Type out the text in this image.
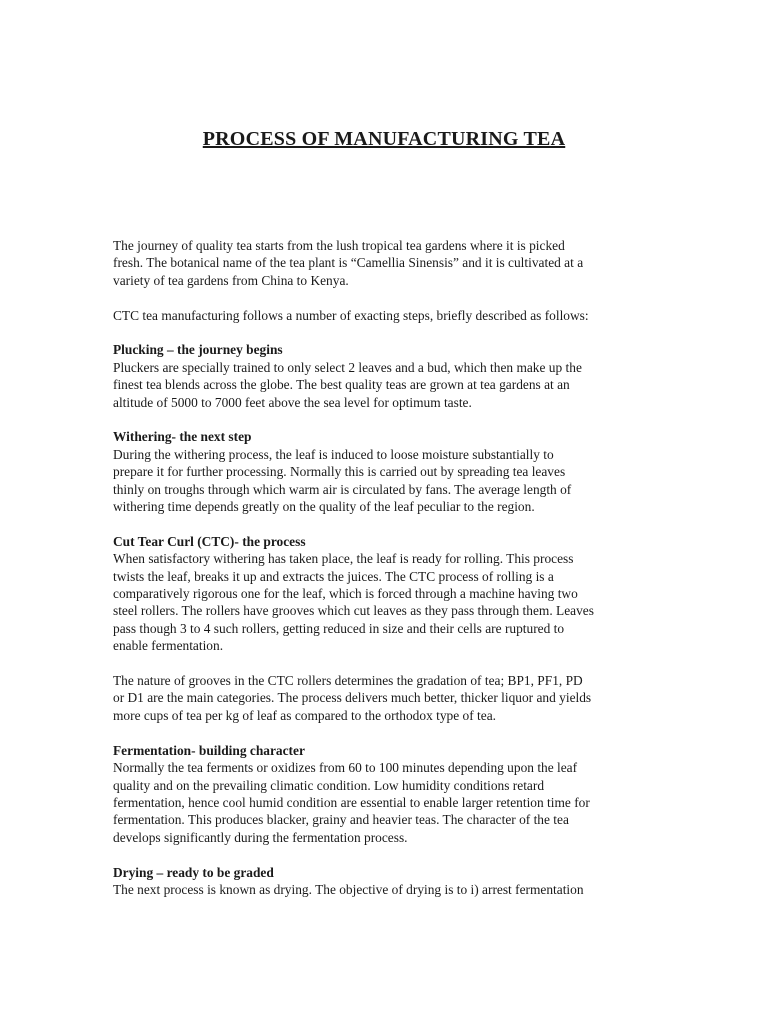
PROCESS OF MANUFACTURING TEA

The journey of quality tea starts from the lush tropical tea gardens where it is picked

fresh. The botanical name of the tea plant is “Camellia Sinensis” and it is cultivated at a

variety of tea gardens from China to Kenya.

CTC tea manufacturing follows a number of exacting steps, briefly described as follows:

Plucking – the journey begins

Pluckers are specially trained to only select 2 leaves and a bud, which then make up the

finest tea blends across the globe. The best quality teas are grown at tea gardens at an

altitude of 5000 to 7000 feet above the sea level for optimum taste.

Withering- the next step

During the withering process, the leaf is induced to loose moisture substantially to

prepare it for further processing. Normally this is carried out by spreading tea leaves

thinly on troughs through which warm air is circulated by fans. The average length of

withering time depends greatly on the quality of the leaf peculiar to the region.

Cut Tear Curl (CTC)- the process

When satisfactory withering has taken place, the leaf is ready for rolling. This process

twists the leaf, breaks it up and extracts the juices. The CTC process of rolling is a

comparatively rigorous one for the leaf, which is forced through a machine having two

steel rollers. The rollers have grooves which cut leaves as they pass through them. Leaves

pass though 3 to 4 such rollers, getting reduced in size and their cells are ruptured to

enable fermentation.

The nature of grooves in the CTC rollers determines the gradation of tea; BP1, PF1, PD

or D1 are the main categories. The process delivers much better, thicker liquor and yields

more cups of tea per kg of leaf as compared to the orthodox type of tea.

Fermentation- building character

Normally the tea ferments or oxidizes from 60 to 100 minutes depending upon the leaf

quality and on the prevailing climatic condition. Low humidity conditions retard

fermentation, hence cool humid condition are essential to enable larger retention time for

fermentation. This produces blacker, grainy and heavier teas. The character of the tea

develops significantly during the fermentation process.

Drying – ready to be graded

The next process is known as drying. The objective of drying is to i) arrest fermentation
